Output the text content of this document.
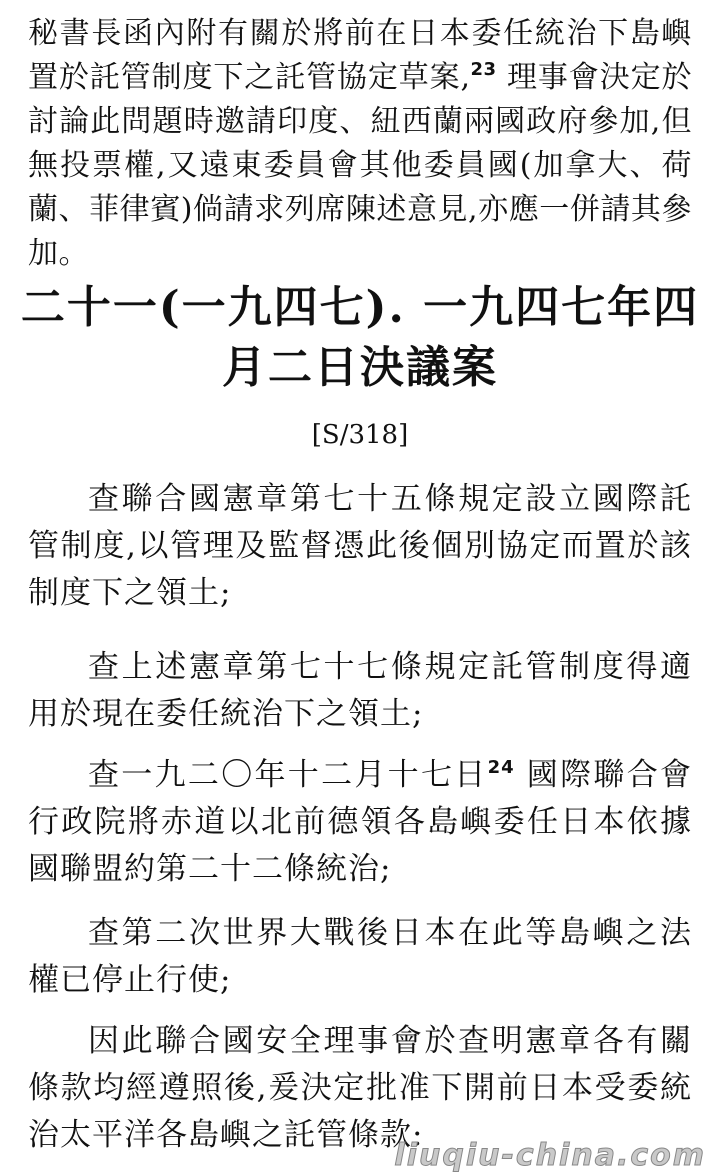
秘書長函內附有關於將前在日本委任統治下島嶼置於託管制度下之託管協定草案,$^{23}$ 理事會決定於討論此問題時邀請印度、紐西蘭兩國政府參加,但無投票權,又遠東委員會其他委員國(加拿大、荷蘭、菲律賓)倘請求列席陳述意見,亦應一併請其參加。

二十一(一九四七). 一九四七年四月二日決議案
[S/318]

查聯合國憲章第七十五條規定設立國際託管制度,以管理及監督憑此後個別協定而置於該制度下之領土;

查上述憲章第七十七條規定託管制度得適用於現在委任統治下之領土;

查一九二〇年十二月十七日$^{24}$ 國際聯合會行政院將赤道以北前德領各島嶼委任日本依據國聯盟約第二十二條統治;

查第二次世界大戰後日本在此等島嶼之法權已停止行使;

因此聯合國安全理事會於查明憲章各有關條款均經遵照後,爰決定批准下開前日本受委統治太平洋各島嶼之託管條款:

liuqiu-china.com
